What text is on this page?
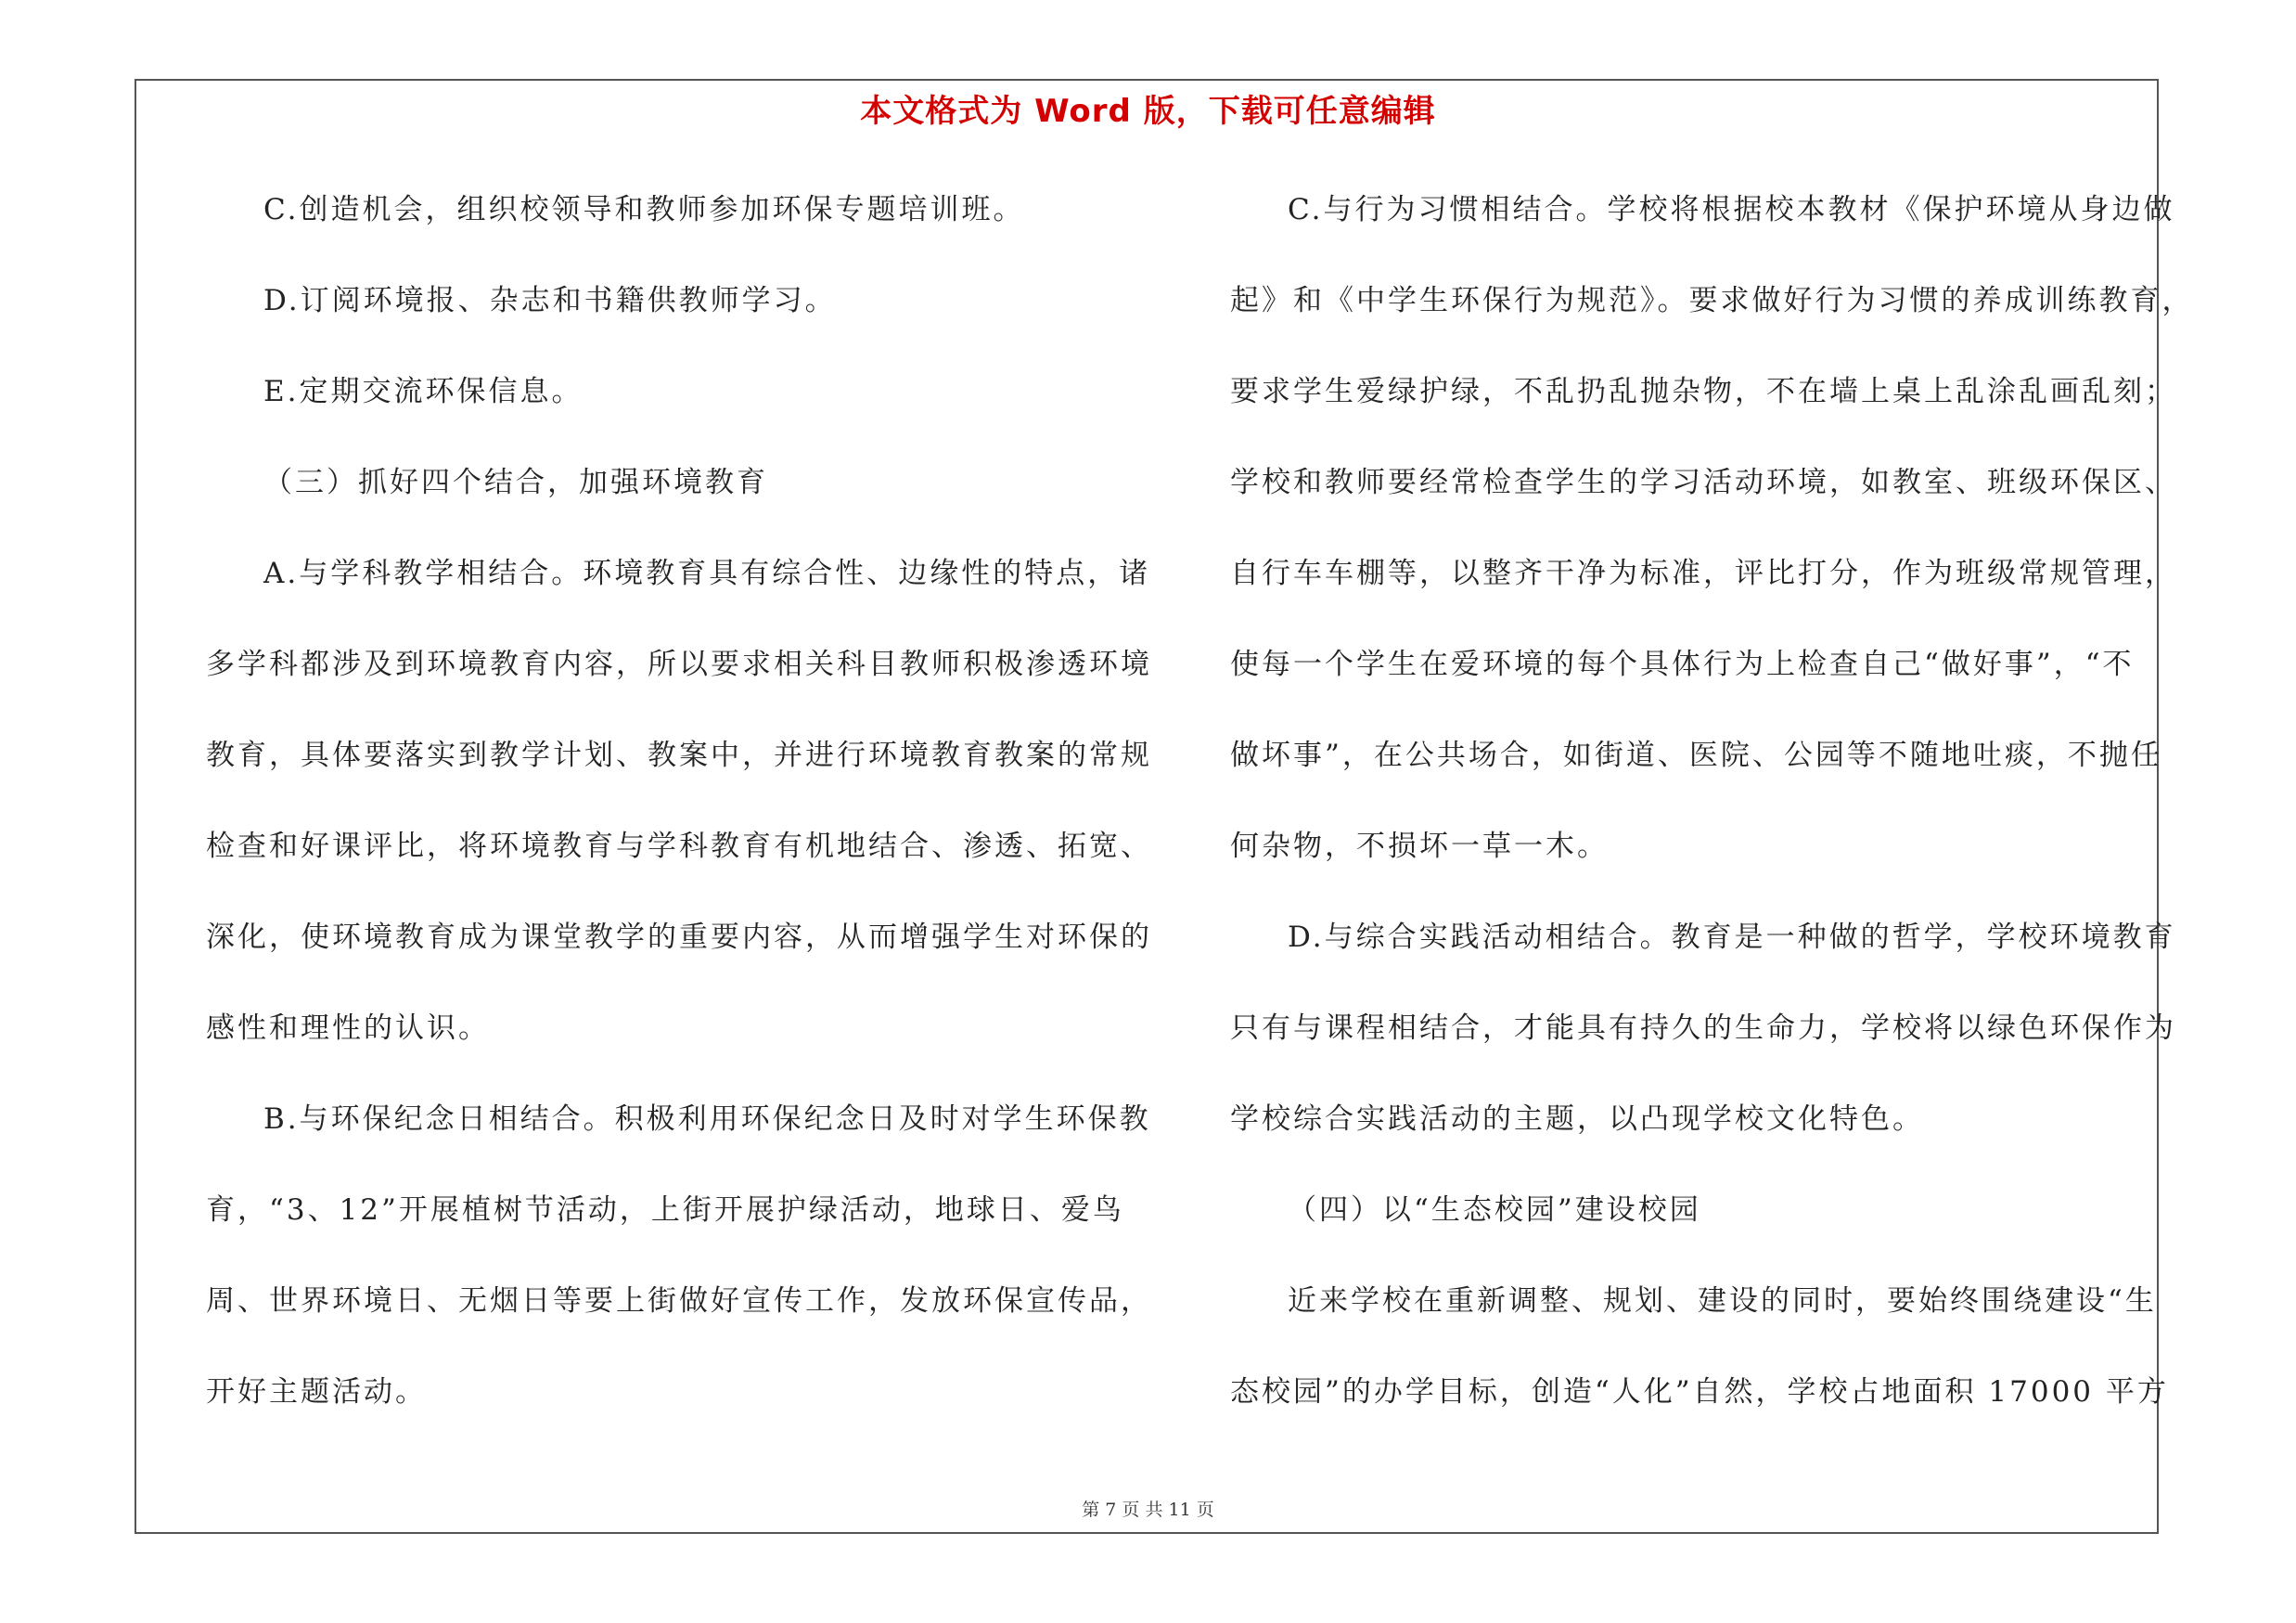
本文格式为 Word 版，下载可任意编辑
C.创造机会，组织校领导和教师参加环保专题培训班。
D.订阅环境报、杂志和书籍供教师学习。
E.定期交流环保信息。
（三）抓好四个结合，加强环境教育
A.与学科教学相结合。环境教育具有综合性、边缘性的特点，诸
多学科都涉及到环境教育内容，所以要求相关科目教师积极渗透环境
教育，具体要落实到教学计划、教案中，并进行环境教育教案的常规
检查和好课评比，将环境教育与学科教育有机地结合、渗透、拓宽、
深化，使环境教育成为课堂教学的重要内容，从而增强学生对环保的
感性和理性的认识。
B.与环保纪念日相结合。积极利用环保纪念日及时对学生环保教
育，“3、12”开展植树节活动，上街开展护绿活动，地球日、爱鸟
周、世界环境日、无烟日等要上街做好宣传工作，发放环保宣传品，
开好主题活动。
C.与行为习惯相结合。学校将根据校本教材《保护环境从身边做
起》和《中学生环保行为规范》。要求做好行为习惯的养成训练教育，
要求学生爱绿护绿，不乱扔乱抛杂物，不在墙上桌上乱涂乱画乱刻；
学校和教师要经常检查学生的学习活动环境，如教室、班级环保区、
自行车车棚等，以整齐干净为标准，评比打分，作为班级常规管理，
使每一个学生在爱环境的每个具体行为上检查自己“做好事”，“不
做坏事”，在公共场合，如街道、医院、公园等不随地吐痰，不抛任
何杂物，不损坏一草一木。
D.与综合实践活动相结合。教育是一种做的哲学，学校环境教育
只有与课程相结合，才能具有持久的生命力，学校将以绿色环保作为
学校综合实践活动的主题，以凸现学校文化特色。
（四）以“生态校园”建设校园
近来学校在重新调整、规划、建设的同时，要始终围绕建设“生
态校园”的办学目标，创造“人化”自然，学校占地面积 17000 平方
第 7 页 共 11 页
